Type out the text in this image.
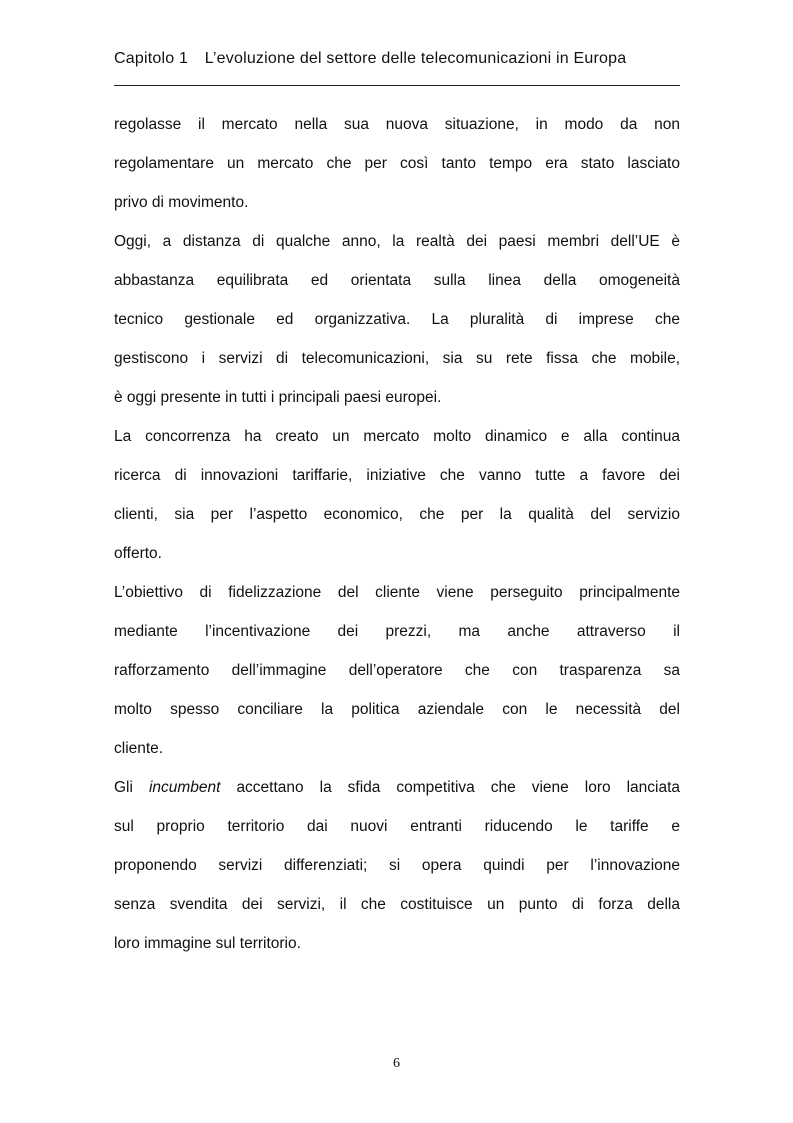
Capitolo 1 L’evoluzione del settore delle telecomunicazioni in Europa
regolasse il mercato nella sua nuova situazione, in modo da non
regolamentare un mercato che per così tanto tempo era stato lasciato
privo di movimento.
Oggi, a distanza di qualche anno, la realtà dei paesi membri dell’UE è
abbastanza equilibrata ed orientata sulla linea della omogeneità
tecnico gestionale ed organizzativa. La pluralità di imprese che
gestiscono i servizi di telecomunicazioni, sia su rete fissa che mobile,
è oggi presente in tutti i principali paesi europei.
La concorrenza ha creato un mercato molto dinamico e alla continua
ricerca di innovazioni tariffarie, iniziative che vanno tutte a favore dei
clienti, sia per l’aspetto economico, che per la qualità del servizio
offerto.
L’obiettivo di fidelizzazione del cliente viene perseguito principalmente
mediante l’incentivazione dei prezzi, ma anche attraverso il
rafforzamento dell’immagine dell’operatore che con trasparenza sa
molto spesso conciliare la politica aziendale con le necessità del
cliente.
Gli incumbent accettano la sfida competitiva che viene loro lanciata
sul proprio territorio dai nuovi entranti riducendo le tariffe e
proponendo servizi differenziati; si opera quindi per l’innovazione
senza svendita dei servizi, il che costituisce un punto di forza della
loro immagine sul territorio.
6
